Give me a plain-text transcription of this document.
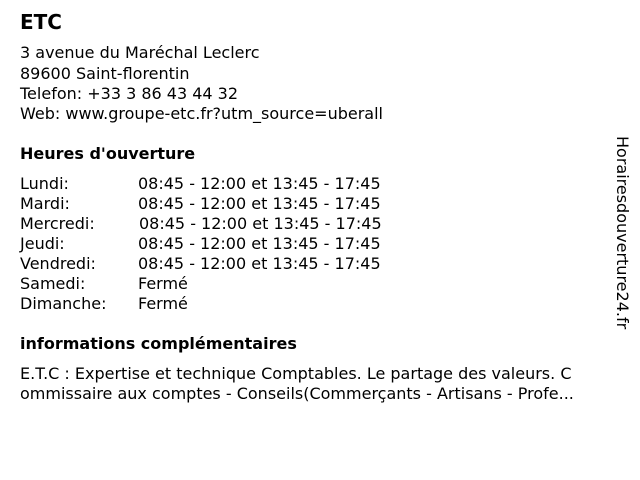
ETC
3 avenue du Maréchal Leclerc
89600 Saint-florentin
Telefon: +33 3 86 43 44 32
Web: www.groupe-etc.fr?utm_source=uberall
Heures d'ouverture
Lundi:	08:45 - 12:00 et 13:45 - 17:45
Mardi:	08:45 - 12:00 et 13:45 - 17:45
Mercredi:	08:45 - 12:00 et 13:45 - 17:45
Jeudi:	08:45 - 12:00 et 13:45 - 17:45
Vendredi:	08:45 - 12:00 et 13:45 - 17:45
Samedi:	Fermé
Dimanche: Fermé
informations complémentaires
E.T.C : Expertise et technique Comptables. Le partage des valeurs. C
ommissaire aux comptes - Conseils(Commerçants - Artisans - Profe...
Horairesdouverture24.fr
